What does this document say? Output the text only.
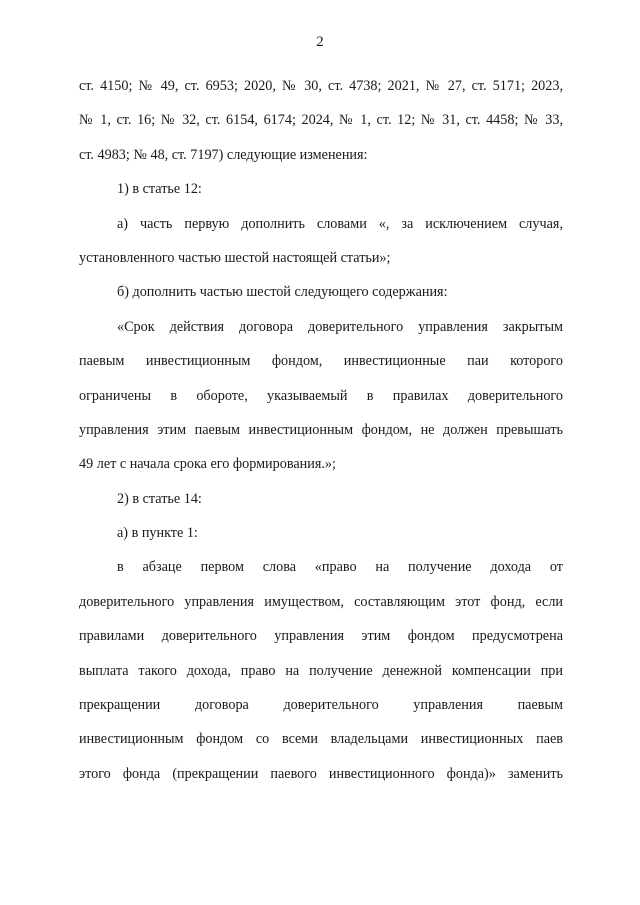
2
ст. 4150; № 49, ст. 6953; 2020, № 30, ст. 4738; 2021, № 27, ст. 5171; 2023,
№ 1, ст. 16; № 32, ст. 6154, 6174; 2024, № 1, ст. 12; № 31, ст. 4458; № 33,
ст. 4983; № 48, ст. 7197) следующие изменения:
1) в статье 12:
а) часть первую дополнить словами «, за исключением случая,
установленного частью шестой настоящей статьи»;
б) дополнить частью шестой следующего содержания:
«Срок действия договора доверительного управления закрытым
паевым инвестиционным фондом, инвестиционные паи которого
ограничены в обороте, указываемый в правилах доверительного
управления этим паевым инвестиционным фондом, не должен превышать
49 лет с начала срока его формирования.»;
2) в статье 14:
а) в пункте 1:
в абзаце первом слова «право на получение дохода от
доверительного управления имуществом, составляющим этот фонд, если
правилами доверительного управления этим фондом предусмотрена
выплата такого дохода, право на получение денежной компенсации при
прекращении договора доверительного управления паевым
инвестиционным фондом со всеми владельцами инвестиционных паев
этого фонда (прекращении паевого инвестиционного фонда)» заменить
